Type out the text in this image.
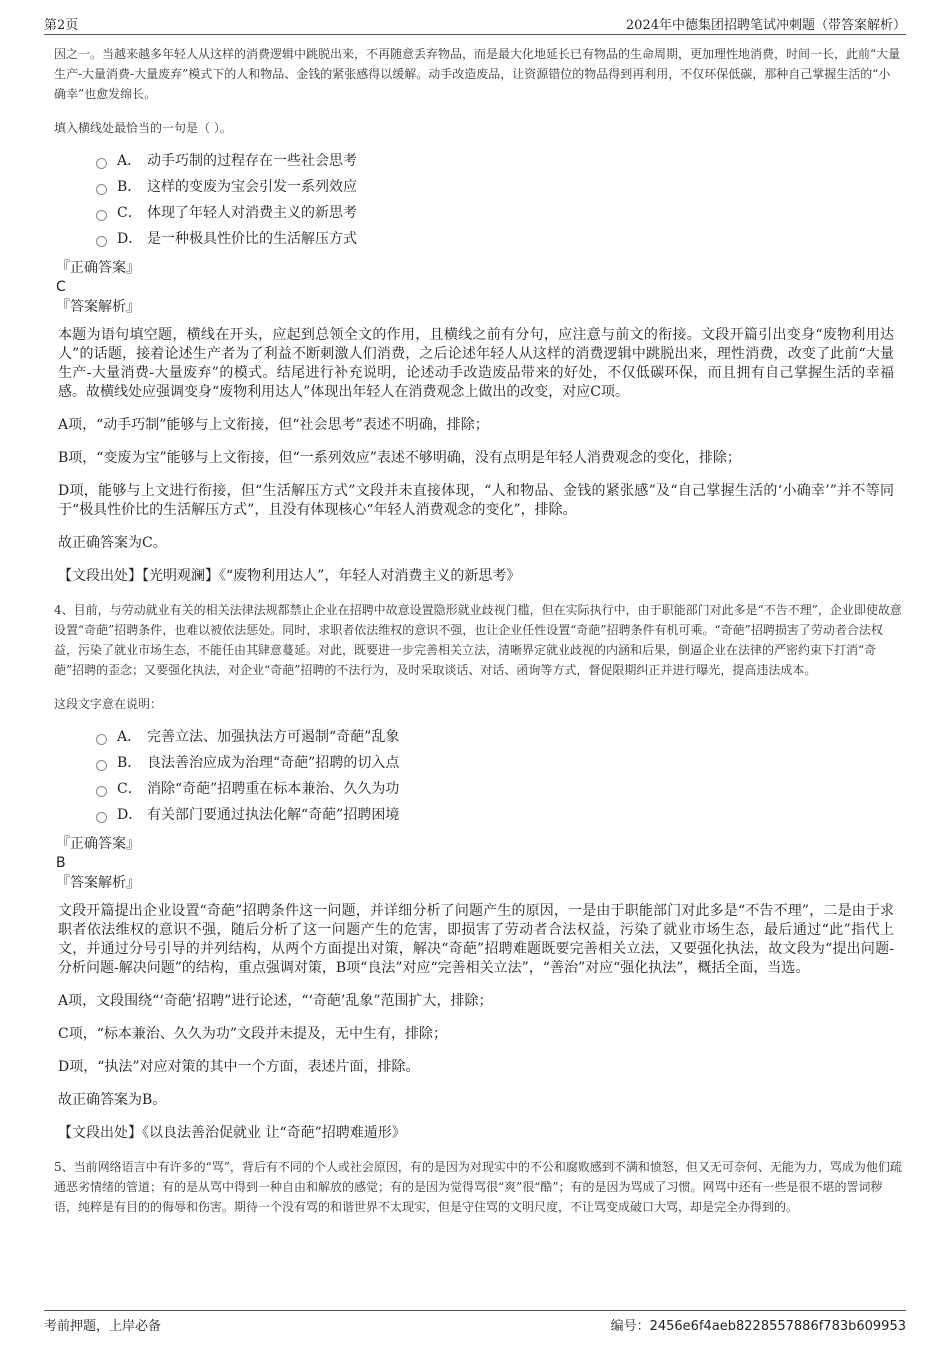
第2页	2024年中德集团招聘笔试冲刺题（带答案解析）

因之一。当越来越多年轻人从这样的消费逻辑中跳脱出来，不再随意丢弃物品，而是最大化地延长已有物品的生命周期，更加理性地消费，时间一长，此前“大量生产-大量消费-大量废弃”模式下的人和物品、金钱的紧张感得以缓解。动手改造废品，让资源错位的物品得到再利用，不仅环保低碳，那种自己掌握生活的“小确幸”也愈发绵长。

填入横线处最恰当的一句是（ ）。

A． 动手巧制的过程存在一些社会思考
B． 这样的变废为宝会引发一系列效应
C． 体现了年轻人对消费主义的新思考
D． 是一种极具性价比的生活解压方式

『正确答案』

C

『答案解析』

本题为语句填空题，横线在开头，应起到总领全文的作用，且横线之前有分句，应注意与前文的衔接。文段开篇引出变身“废物利用达人”的话题，接着论述生产者为了利益不断刺激人们消费，之后论述年轻人从这样的消费逻辑中跳脱出来，理性消费，改变了此前“大量生产-大量消费-大量废弃”的模式。结尾进行补充说明，论述动手改造废品带来的好处，不仅低碳环保，而且拥有自己掌握生活的幸福感。故横线处应强调变身“废物利用达人”体现出年轻人在消费观念上做出的改变，对应C项。

A项，“动手巧制”能够与上文衔接，但“社会思考”表述不明确，排除；

B项，“变废为宝”能够与上文衔接，但“一系列效应”表述不够明确，没有点明是年轻人消费观念的变化，排除；

D项，能够与上文进行衔接，但“生活解压方式”文段并未直接体现，“人和物品、金钱的紧张感”及“自己掌握生活的‘小确幸’”并不等同于“极具性价比的生活解压方式”，且没有体现核心“年轻人消费观念的变化”，排除。

故正确答案为C。

【文段出处】【光明观澜】《“废物利用达人”，年轻人对消费主义的新思考》

4、目前，与劳动就业有关的相关法律法规都禁止企业在招聘中故意设置隐形就业歧视门槛，但在实际执行中，由于职能部门对此多是“不告不理”，企业即使故意设置“奇葩”招聘条件，也难以被依法惩处。同时，求职者依法维权的意识不强，也让企业任性设置“奇葩”招聘条件有机可乘。“奇葩”招聘损害了劳动者合法权益，污染了就业市场生态，不能任由其肆意蔓延。对此，既要进一步完善相关立法，清晰界定就业歧视的内涵和后果，倒逼企业在法律的严密约束下打消“奇葩”招聘的歪念；又要强化执法，对企业“奇葩”招聘的不法行为，及时采取谈话、对话、函询等方式，督促限期纠正并进行曝光，提高违法成本。

这段文字意在说明：

A． 完善立法、加强执法方可遏制“奇葩”乱象
B． 良法善治应成为治理“奇葩”招聘的切入点
C． 消除“奇葩”招聘重在标本兼治、久久为功
D． 有关部门要通过执法化解“奇葩”招聘困境

『正确答案』

B

『答案解析』

文段开篇提出企业设置“奇葩”招聘条件这一问题，并详细分析了问题产生的原因，一是由于职能部门对此多是“不告不理”，二是由于求职者依法维权的意识不强，随后分析了这一问题产生的危害，即损害了劳动者合法权益，污染了就业市场生态，最后通过“此”指代上文，并通过分号引导的并列结构，从两个方面提出对策，解决“奇葩”招聘难题既要完善相关立法，又要强化执法，故文段为“提出问题-分析问题-解决问题”的结构，重点强调对策，B项“良法”对应“完善相关立法”，“善治”对应“强化执法”，概括全面，当选。

A项，文段围绕“‘奇葩’招聘”进行论述，“‘奇葩’乱象”范围扩大，排除；

C项，“标本兼治、久久为功”文段并未提及，无中生有，排除；

D项，“执法”对应对策的其中一个方面，表述片面，排除。

故正确答案为B。

【文段出处】《以良法善治促就业 让“奇葩”招聘难遁形》

5、当前网络语言中有许多的“骂”，背后有不同的个人或社会原因，有的是因为对现实中的不公和腐败感到不满和愤怒，但又无可奈何、无能为力，骂成为他们疏通恶劣情绪的管道；有的是从骂中得到一种自由和解放的感觉；有的是因为觉得骂很“爽”很“酷”；有的是因为骂成了习惯。网骂中还有一些是很不堪的詈词秽语，纯粹是有目的的侮辱和伤害。期待一个没有骂的和谐世界不太现实，但是守住骂的文明尺度，不让骂变成破口大骂，却是完全办得到的。

考前押题，上岸必备	编号：2456e6f4aeb8228557886f783b609953
